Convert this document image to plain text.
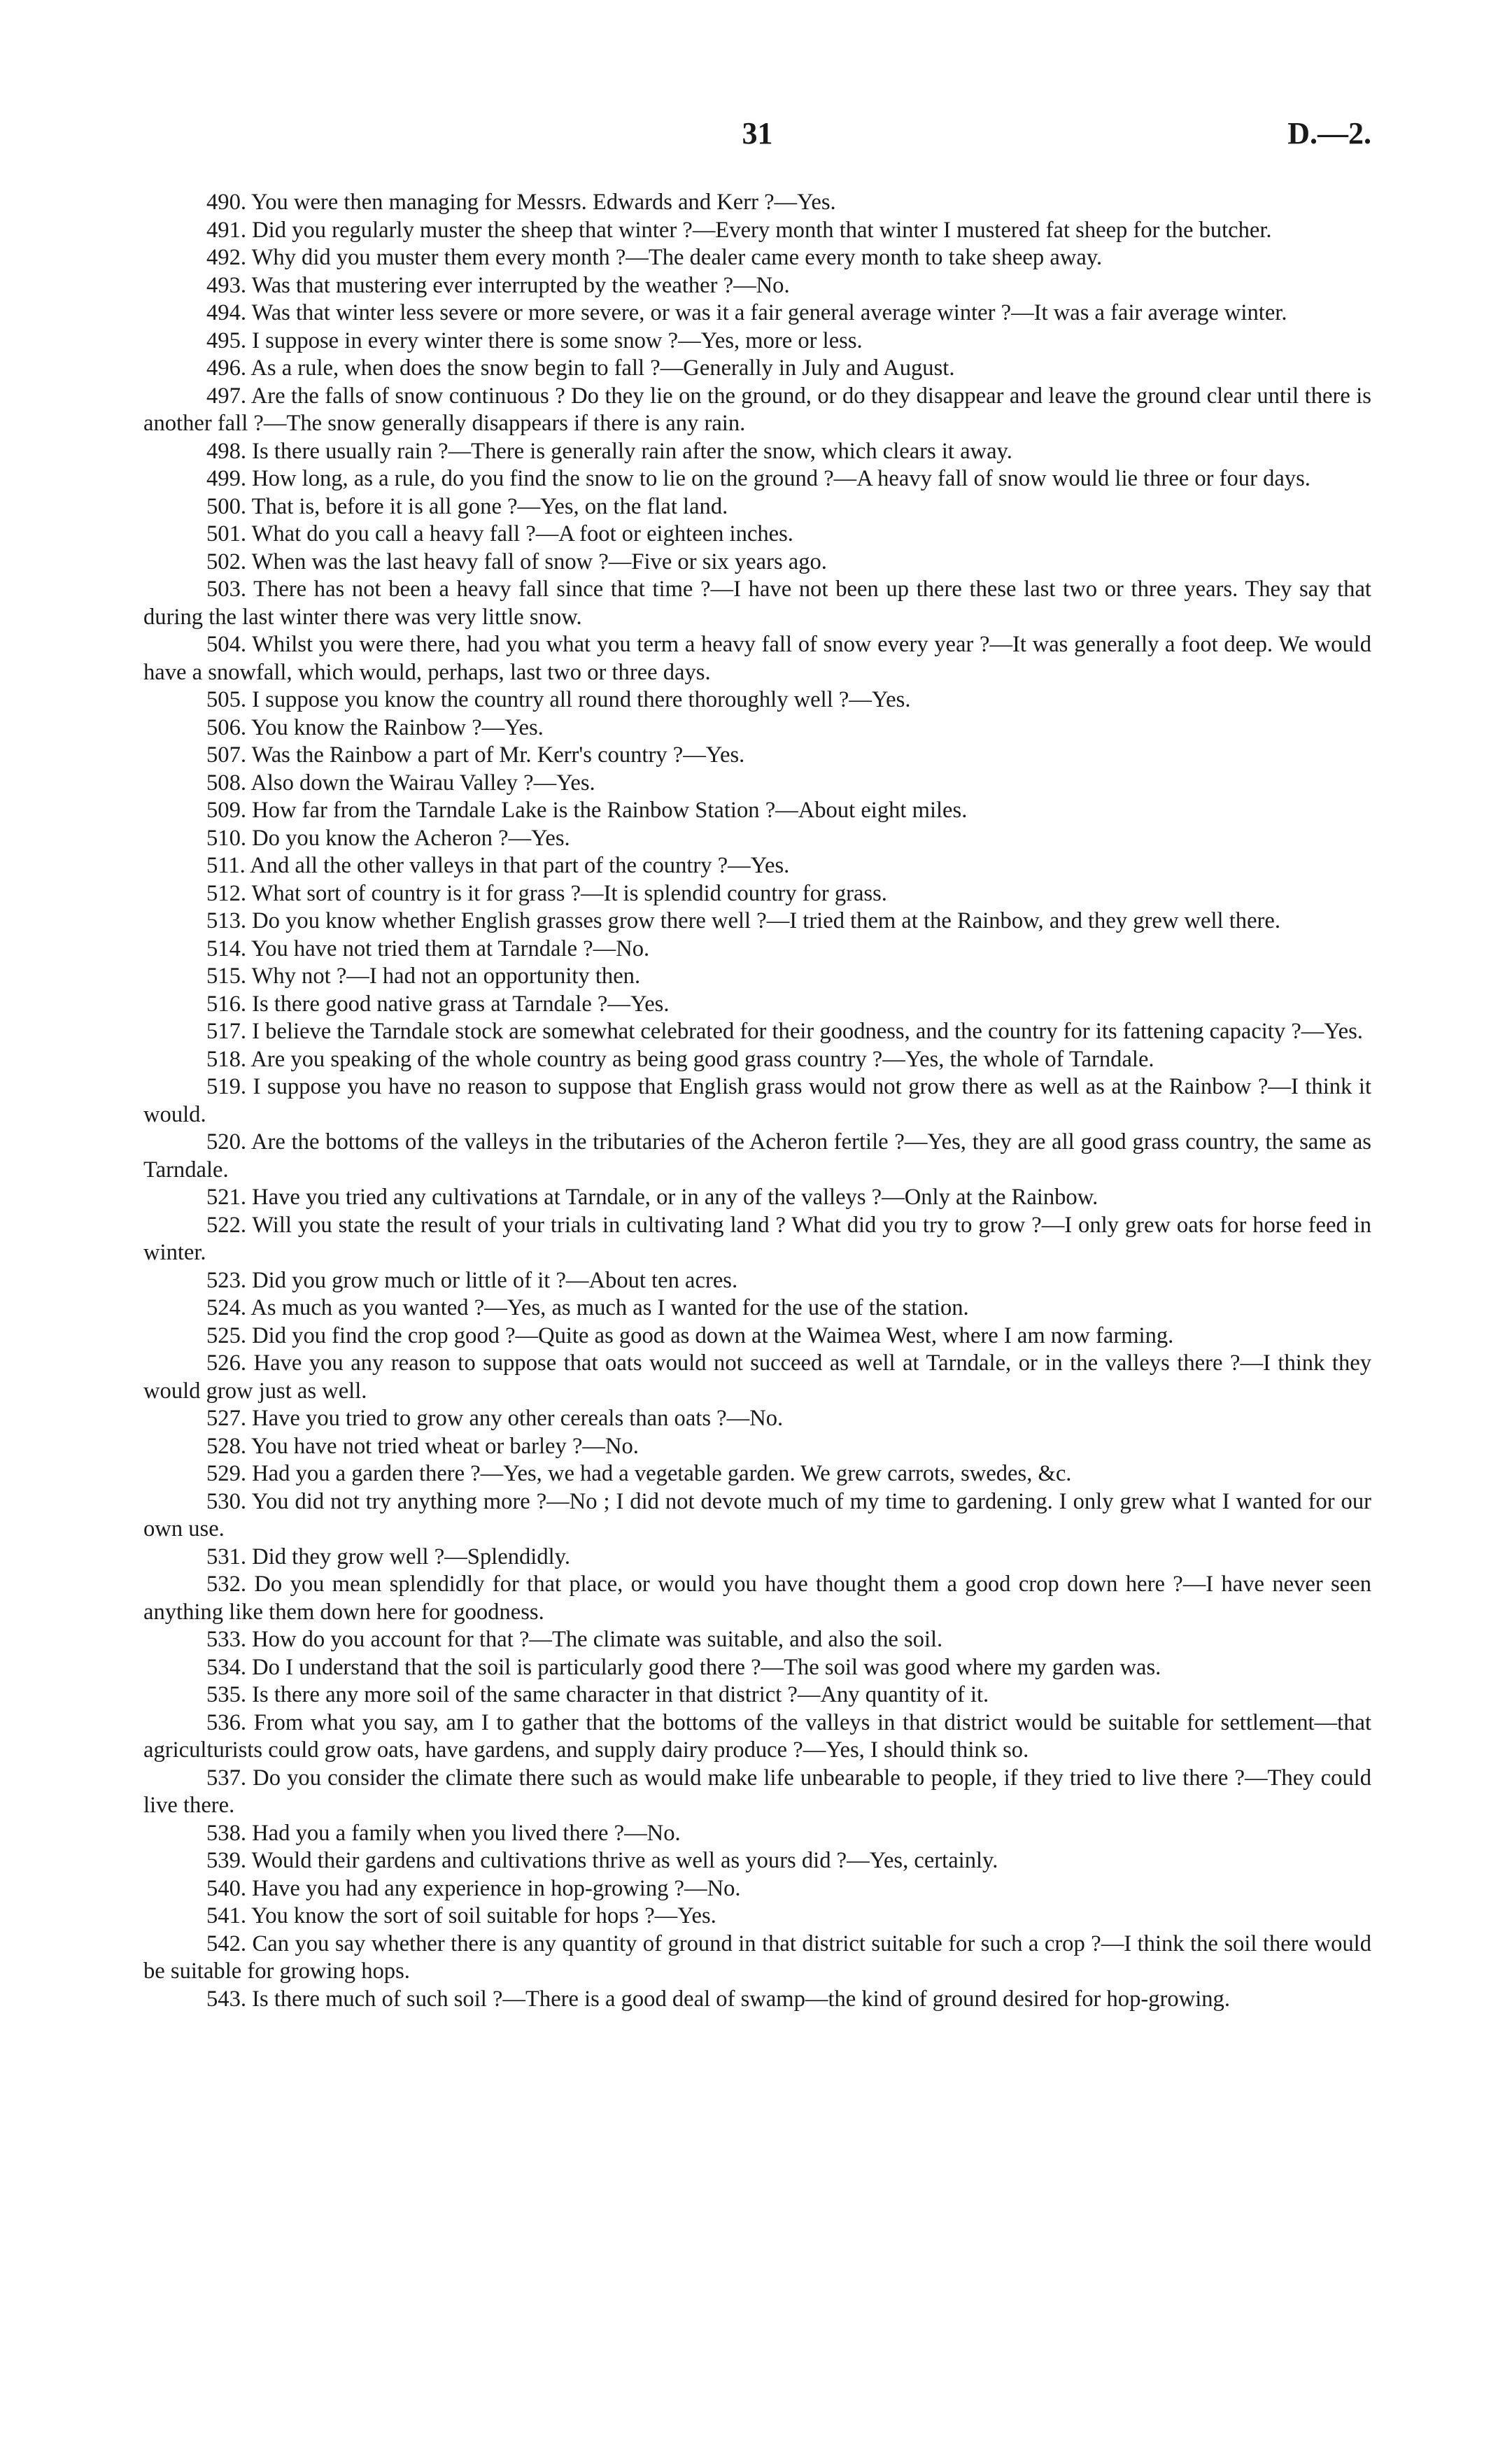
31	D.—2.

490. You were then managing for Messrs. Edwards and Kerr ?—Yes.

491. Did you regularly muster the sheep that winter ?—Every month that winter I mustered fat sheep for the butcher.

492. Why did you muster them every month ?—The dealer came every month to take sheep away.

493. Was that mustering ever interrupted by the weather ?—No.

494. Was that winter less severe or more severe, or was it a fair general average winter ?—It was a fair average winter.

495. I suppose in every winter there is some snow ?—Yes, more or less.

496. As a rule, when does the snow begin to fall ?—Generally in July and August.

497. Are the falls of snow continuous ? Do they lie on the ground, or do they disappear and leave the ground clear until there is another fall ?—The snow generally disappears if there is any rain.

498. Is there usually rain ?—There is generally rain after the snow, which clears it away.

499. How long, as a rule, do you find the snow to lie on the ground ?—A heavy fall of snow would lie three or four days.

500. That is, before it is all gone ?—Yes, on the flat land.

501. What do you call a heavy fall ?—A foot or eighteen inches.

502. When was the last heavy fall of snow ?—Five or six years ago.

503. There has not been a heavy fall since that time ?—I have not been up there these last two or three years. They say that during the last winter there was very little snow.

504. Whilst you were there, had you what you term a heavy fall of snow every year ?—It was generally a foot deep. We would have a snowfall, which would, perhaps, last two or three days.

505. I suppose you know the country all round there thoroughly well ?—Yes.

506. You know the Rainbow ?—Yes.

507. Was the Rainbow a part of Mr. Kerr's country ?—Yes.

508. Also down the Wairau Valley ?—Yes.

509. How far from the Tarndale Lake is the Rainbow Station ?—About eight miles.

510. Do you know the Acheron ?—Yes.

511. And all the other valleys in that part of the country ?—Yes.

512. What sort of country is it for grass ?—It is splendid country for grass.

513. Do you know whether English grasses grow there well ?—I tried them at the Rainbow, and they grew well there.

514. You have not tried them at Tarndale ?—No.

515. Why not ?—I had not an opportunity then.

516. Is there good native grass at Tarndale ?—Yes.

517. I believe the Tarndale stock are somewhat celebrated for their goodness, and the country for its fattening capacity ?—Yes.

518. Are you speaking of the whole country as being good grass country ?—Yes, the whole of Tarndale.

519. I suppose you have no reason to suppose that English grass would not grow there as well as at the Rainbow ?—I think it would.

520. Are the bottoms of the valleys in the tributaries of the Acheron fertile ?—Yes, they are all good grass country, the same as Tarndale.

521. Have you tried any cultivations at Tarndale, or in any of the valleys ?—Only at the Rainbow.

522. Will you state the result of your trials in cultivating land ? What did you try to grow ?—I only grew oats for horse feed in winter.

523. Did you grow much or little of it ?—About ten acres.

524. As much as you wanted ?—Yes, as much as I wanted for the use of the station.

525. Did you find the crop good ?—Quite as good as down at the Waimea West, where I am now farming.

526. Have you any reason to suppose that oats would not succeed as well at Tarndale, or in the valleys there ?—I think they would grow just as well.

527. Have you tried to grow any other cereals than oats ?—No.

528. You have not tried wheat or barley ?—No.

529. Had you a garden there ?—Yes, we had a vegetable garden. We grew carrots, swedes, &c.

530. You did not try anything more ?—No ; I did not devote much of my time to gardening. I only grew what I wanted for our own use.

531. Did they grow well ?—Splendidly.

532. Do you mean splendidly for that place, or would you have thought them a good crop down here ?—I have never seen anything like them down here for goodness.

533. How do you account for that ?—The climate was suitable, and also the soil.

534. Do I understand that the soil is particularly good there ?—The soil was good where my garden was.

535. Is there any more soil of the same character in that district ?—Any quantity of it.

536. From what you say, am I to gather that the bottoms of the valleys in that district would be suitable for settlement—that agriculturists could grow oats, have gardens, and supply dairy produce ?—Yes, I should think so.

537. Do you consider the climate there such as would make life unbearable to people, if they tried to live there ?—They could live there.

538. Had you a family when you lived there ?—No.

539. Would their gardens and cultivations thrive as well as yours did ?—Yes, certainly.

540. Have you had any experience in hop-growing ?—No.

541. You know the sort of soil suitable for hops ?—Yes.

542. Can you say whether there is any quantity of ground in that district suitable for such a crop ?—I think the soil there would be suitable for growing hops.

543. Is there much of such soil ?—There is a good deal of swamp—the kind of ground desired for hop-growing.
